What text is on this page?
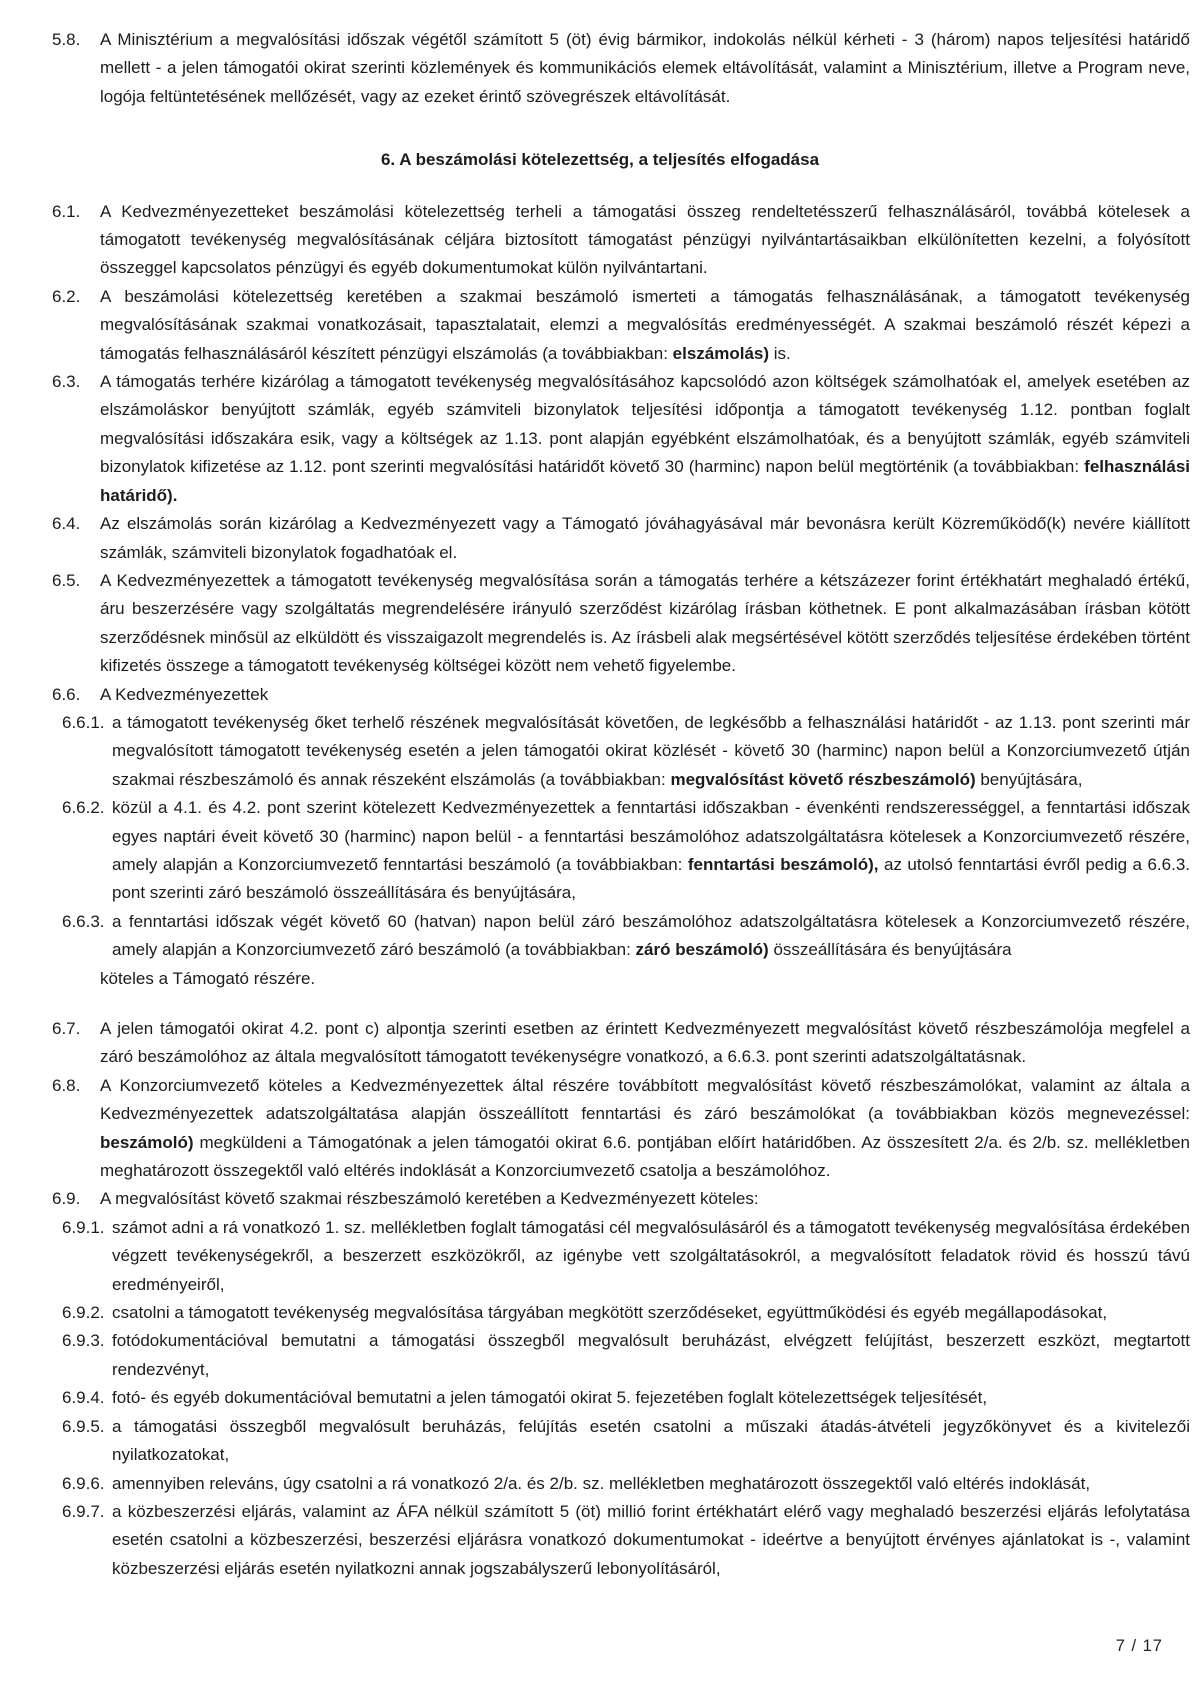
5.8. A Minisztérium a megvalósítási időszak végétől számított 5 (öt) évig bármikor, indokolás nélkül kérheti - 3 (három) napos teljesítési határidő mellett - a jelen támogatói okirat szerinti közlemények és kommunikációs elemek eltávolítását, valamint a Minisztérium, illetve a Program neve, logója feltüntetésének mellőzését, vagy az ezeket érintő szövegrészek eltávolítását.
6. A beszámolási kötelezettség, a teljesítés elfogadása
6.1. A Kedvezményezetteket beszámolási kötelezettség terheli a támogatási összeg rendeltetésszerű felhasználásáról, továbbá kötelesek a támogatott tevékenység megvalósításának céljára biztosított támogatást pénzügyi nyilvántartásaikban elkülönítetten kezelni, a folyósított összeggel kapcsolatos pénzügyi és egyéb dokumentumokat külön nyilvántartani.
6.2. A beszámolási kötelezettség keretében a szakmai beszámoló ismerteti a támogatás felhasználásának, a támogatott tevékenység megvalósításának szakmai vonatkozásait, tapasztalatait, elemzi a megvalósítás eredményességét. A szakmai beszámoló részét képezi a támogatás felhasználásáról készített pénzügyi elszámolás (a továbbiakban: elszámolás) is.
6.3. A támogatás terhére kizárólag a támogatott tevékenység megvalósításához kapcsolódó azon költségek számolhatóak el, amelyek esetében az elszámoláskor benyújtott számlák, egyéb számviteli bizonylatok teljesítési időpontja a támogatott tevékenység 1.12. pontban foglalt megvalósítási időszakára esik, vagy a költségek az 1.13. pont alapján egyébként elszámolhatóak, és a benyújtott számlák, egyéb számviteli bizonylatok kifizetése az 1.12. pont szerinti megvalósítási határidőt követő 30 (harminc) napon belül megtörténik (a továbbiakban: felhasználási határidő).
6.4. Az elszámolás során kizárólag a Kedvezményezett vagy a Támogató jóváhagyásával már bevonásra került Közreműködő(k) nevére kiállított számlák, számviteli bizonylatok fogadhatóak el.
6.5. A Kedvezményezettek a támogatott tevékenység megvalósítása során a támogatás terhére a kétszázezer forint értékhatárt meghaladó értékű, áru beszerzésére vagy szolgáltatás megrendelésére irányuló szerződést kizárólag írásban köthetnek. E pont alkalmazásában írásban kötött szerződésnek minősül az elküldött és visszaigazolt megrendelés is. Az írásbeli alak megsértésével kötött szerződés teljesítése érdekében történt kifizetés összege a támogatott tevékenység költségei között nem vehető figyelembe.
6.6. A Kedvezményezettek
6.6.1. a támogatott tevékenység őket terhelő részének megvalósítását követően, de legkésőbb a felhasználási határidőt - az 1.13. pont szerinti már megvalósított támogatott tevékenység esetén a jelen támogatói okirat közlését - követő 30 (harminc) napon belül a Konzorciumvezető útján szakmai részbeszámoló és annak részeként elszámolás (a továbbiakban: megvalósítást követő részbeszámoló) benyújtására,
6.6.2. közül a 4.1. és 4.2. pont szerint kötelezett Kedvezményezettek a fenntartási időszakban - évenkénti rendszerességgel, a fenntartási időszak egyes naptári éveit követő 30 (harminc) napon belül - a fenntartási beszámolóhoz adatszolgáltatásra kötelesek a Konzorciumvezető részére, amely alapján a Konzorciumvezető fenntartási beszámoló (a továbbiakban: fenntartási beszámoló), az utolsó fenntartási évről pedig a 6.6.3. pont szerinti záró beszámoló összeállítására és benyújtására,
6.6.3. a fenntartási időszak végét követő 60 (hatvan) napon belül záró beszámolóhoz adatszolgáltatásra kötelesek a Konzorciumvezető részére, amely alapján a Konzorciumvezető záró beszámoló (a továbbiakban: záró beszámoló) összeállítására és benyújtására
köteles a Támogató részére.
6.7. A jelen támogatói okirat 4.2. pont c) alpontja szerinti esetben az érintett Kedvezményezett megvalósítást követő részbeszámolója megfelel a záró beszámolóhoz az általa megvalósított támogatott tevékenységre vonatkozó, a 6.6.3. pont szerinti adatszolgáltatásnak.
6.8. A Konzorciumvezető köteles a Kedvezményezettek által részére továbbított megvalósítást követő részbeszámolókat, valamint az általa a Kedvezményezettek adatszolgáltatása alapján összeállított fenntartási és záró beszámolókat (a továbbiakban közös megnevezéssel: beszámoló) megküldeni a Támogatónak a jelen támogatói okirat 6.6. pontjában előírt határidőben. Az összesített 2/a. és 2/b. sz. mellékletben meghatározott összegektől való eltérés indoklását a Konzorciumvezető csatolja a beszámolóhoz.
6.9. A megvalósítást követő szakmai részbeszámoló keretében a Kedvezményezett köteles:
6.9.1. számot adni a rá vonatkozó 1. sz. mellékletben foglalt támogatási cél megvalósulásáról és a támogatott tevékenység megvalósítása érdekében végzett tevékenységekről, a beszerzett eszközökről, az igénybe vett szolgáltatásokról, a megvalósított feladatok rövid és hosszú távú eredményeiről,
6.9.2. csatolni a támogatott tevékenység megvalósítása tárgyában megkötött szerződéseket, együttműködési és egyéb megállapodásokat,
6.9.3. fotódokumentációval bemutatni a támogatási összegből megvalósult beruházást, elvégzett felújítást, beszerzett eszközt, megtartott rendezvényt,
6.9.4. fotó- és egyéb dokumentációval bemutatni a jelen támogatói okirat 5. fejezetében foglalt kötelezettségek teljesítését,
6.9.5. a támogatási összegből megvalósult beruházás, felújítás esetén csatolni a műszaki átadás-átvételi jegyzőkönyvet és a kivitelezői nyilatkozatokat,
6.9.6. amennyiben releváns, úgy csatolni a rá vonatkozó 2/a. és 2/b. sz. mellékletben meghatározott összegektől való eltérés indoklását,
6.9.7. a közbeszerzési eljárás, valamint az ÁFA nélkül számított 5 (öt) millió forint értékhatárt elérő vagy meghaladó beszerzési eljárás lefolytatása esetén csatolni a közbeszerzési, beszerzési eljárásra vonatkozó dokumentumokat - ideértve a benyújtott érvényes ajánlatokat is -, valamint közbeszerzési eljárás esetén nyilatkozni annak jogszabályszerű lebonyolításáról,
7 / 17
